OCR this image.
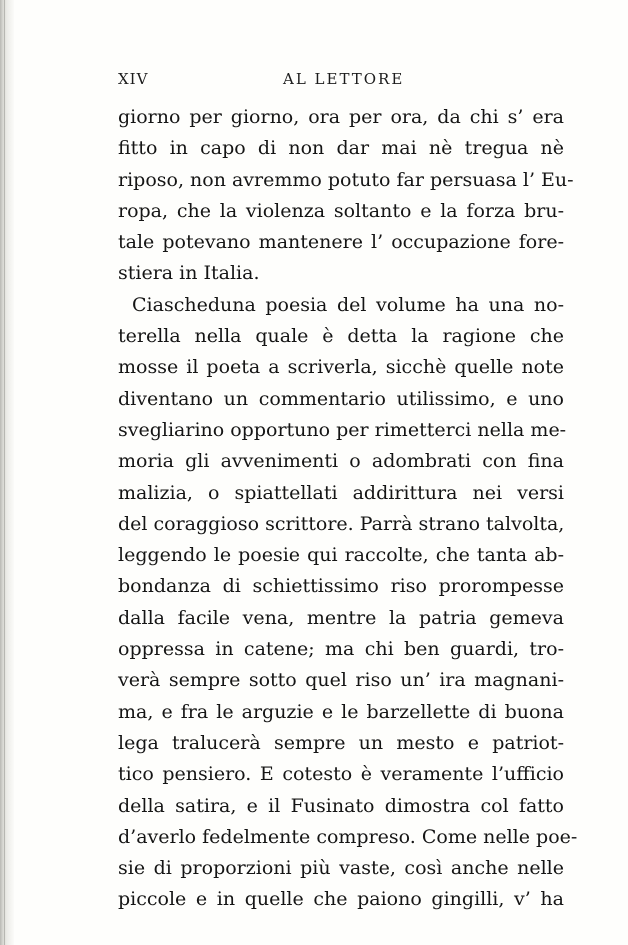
XIV	AL LETTORE
giorno per giorno, ora per ora, da chi s’ era
fitto in capo di non dar mai nè tregua nè
riposo, non avremmo potuto far persuasa l’ Eu-
ropa, che la violenza soltanto e la forza bru-
tale potevano mantenere l’ occupazione fore-
stiera in Italia.
Ciascheduna poesia del volume ha una no-
terella nella quale è detta la ragione che
mosse il poeta a scriverla, sicchè quelle note
diventano un commentario utilissimo, e uno
svegliarino opportuno per rimetterci nella me-
moria gli avvenimenti o adombrati con fina
malizia, o spiattellati addirittura nei versi
del coraggioso scrittore. Parrà strano talvolta,
leggendo le poesie qui raccolte, che tanta ab-
bondanza di schiettissimo riso prorompesse
dalla facile vena, mentre la patria gemeva
oppressa in catene; ma chi ben guardi, tro-
verà sempre sotto quel riso un’ ira magnani-
ma, e fra le arguzie e le barzellette di buona
lega tralucerà sempre un mesto e patriot-
tico pensiero. E cotesto è veramente l’ufficio
della satira, e il Fusinato dimostra col fatto
d’averlo fedelmente compreso. Come nelle poe-
sie di proporzioni più vaste, così anche nelle
piccole e in quelle che paiono gingilli, v’ ha
